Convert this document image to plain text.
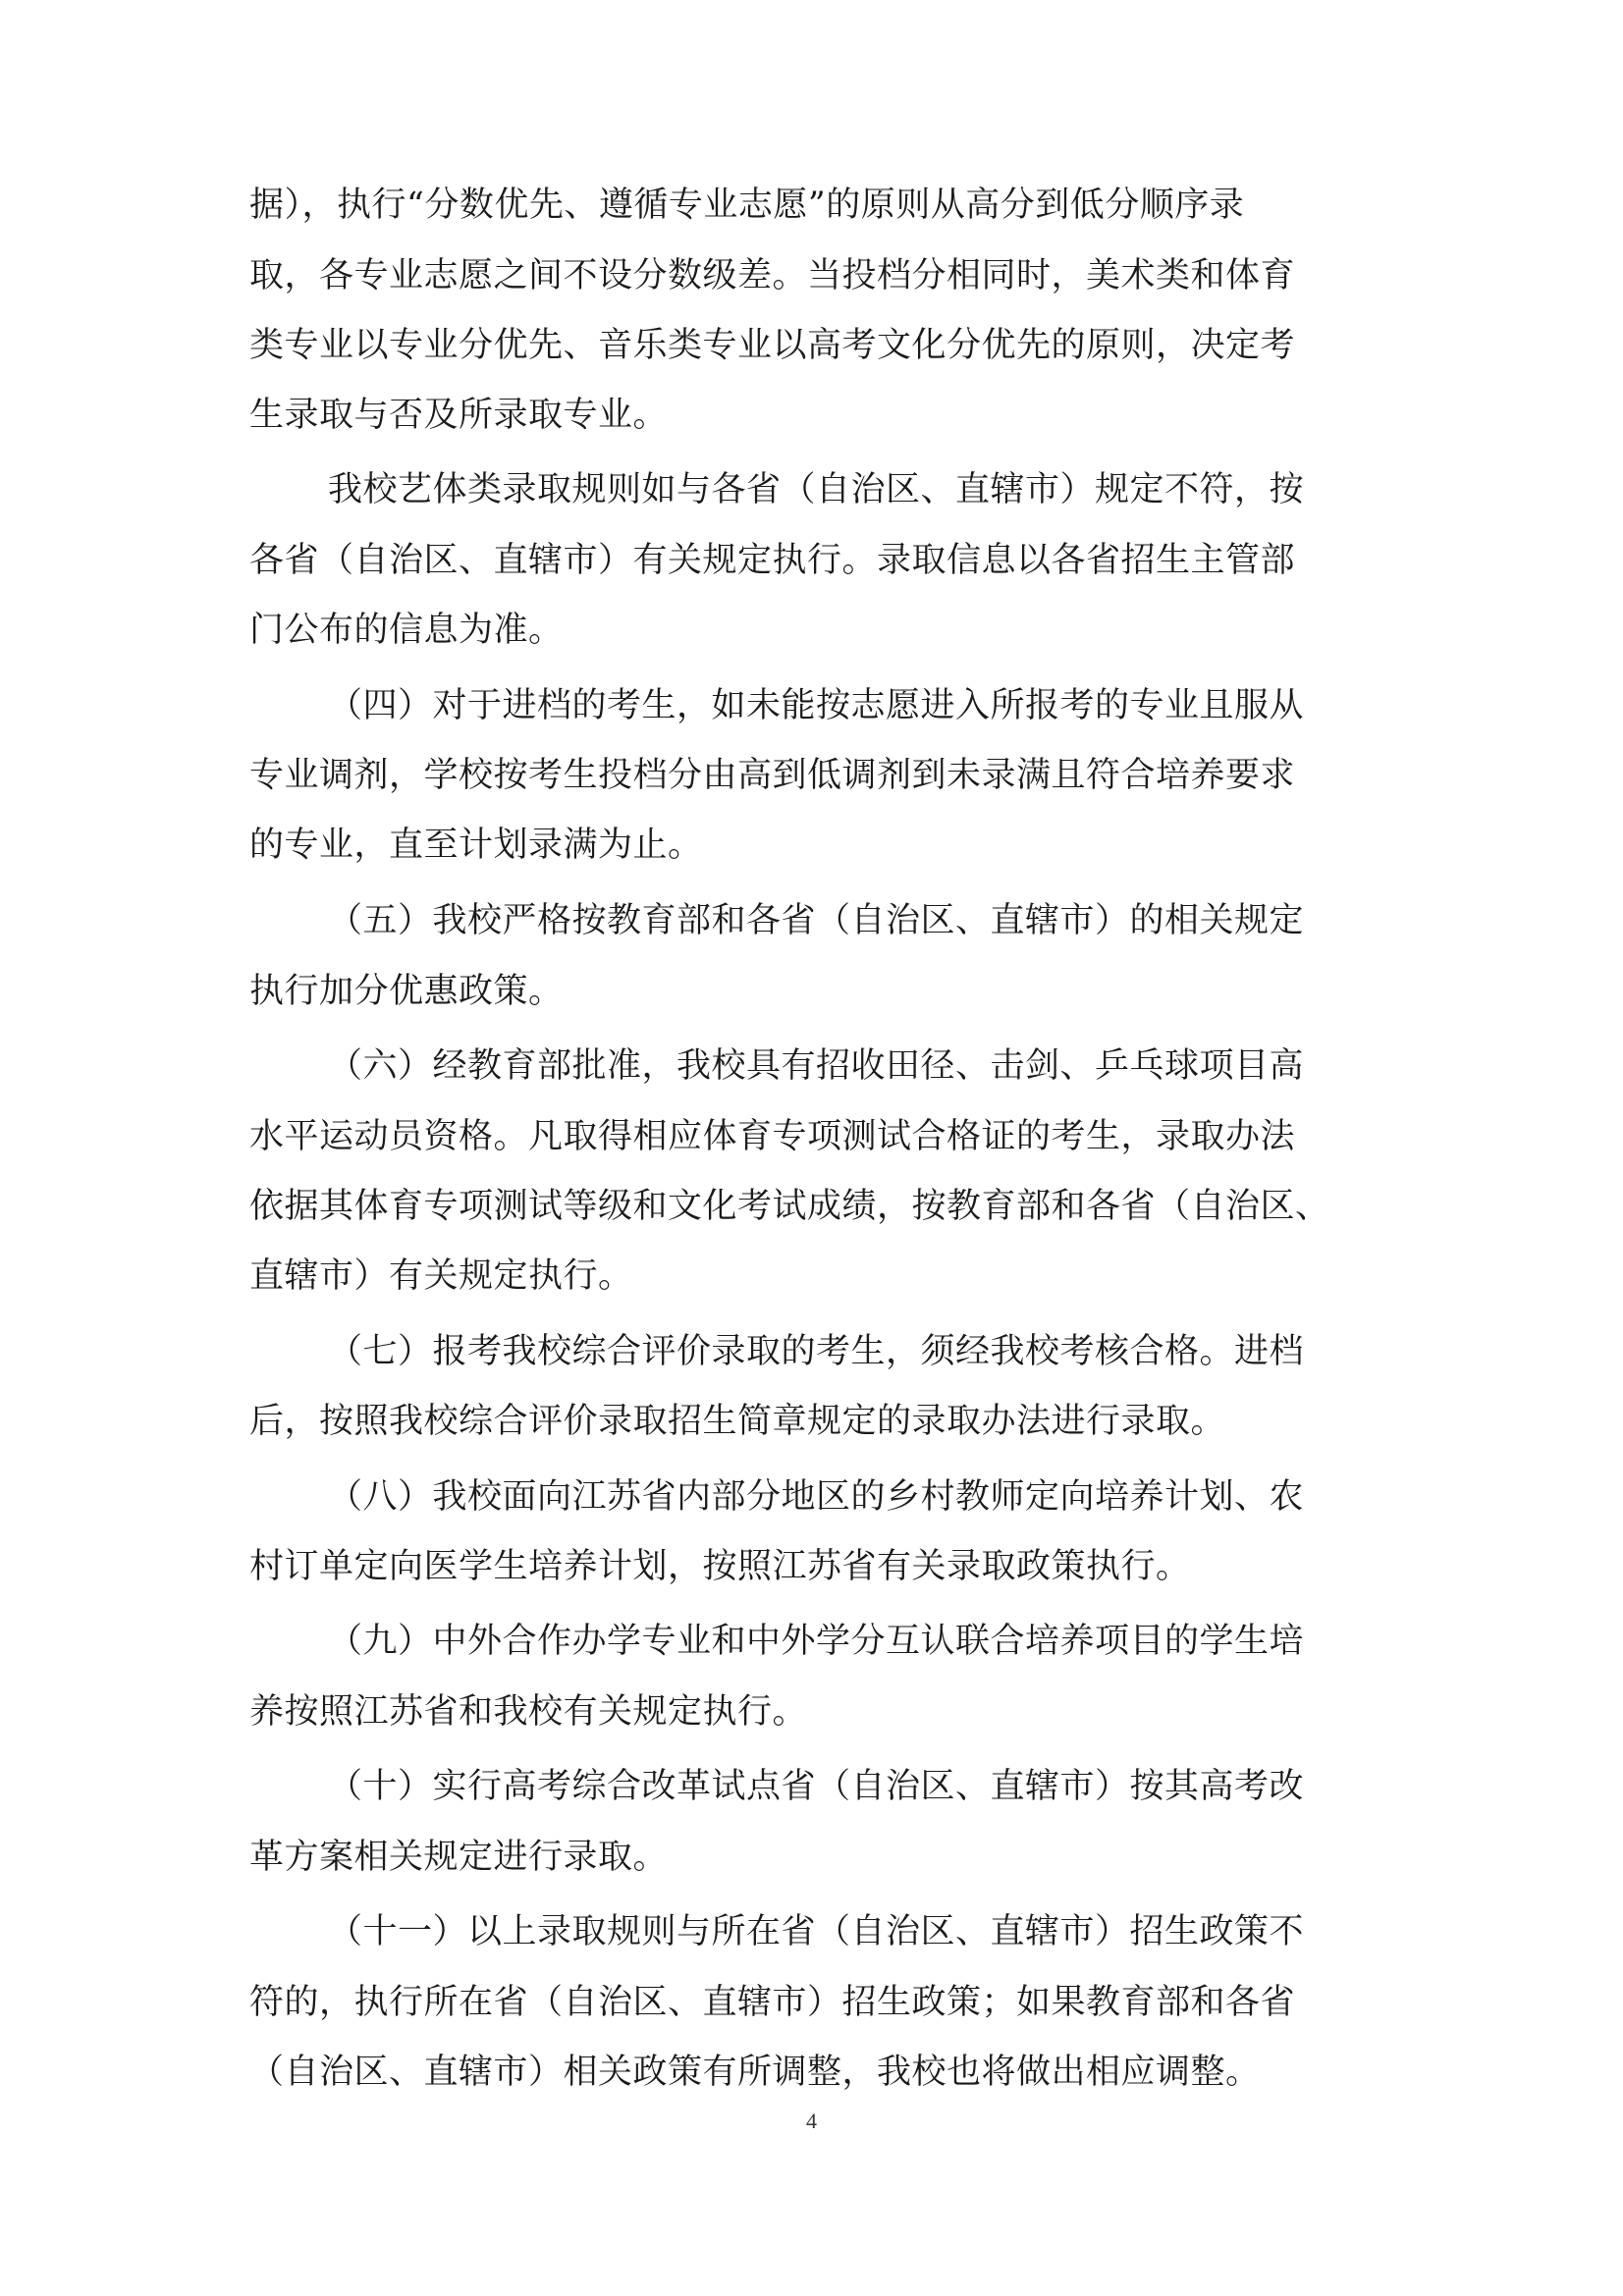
据），执行“分数优先、遵循专业志愿”的原则从高分到低分顺序录
取，各专业志愿之间不设分数级差。当投档分相同时，美术类和体育
类专业以专业分优先、音乐类专业以高考文化分优先的原则，决定考
生录取与否及所录取专业。
我校艺体类录取规则如与各省（自治区、直辖市）规定不符，按
各省（自治区、直辖市）有关规定执行。录取信息以各省招生主管部
门公布的信息为准。
（四）对于进档的考生，如未能按志愿进入所报考的专业且服从
专业调剂，学校按考生投档分由高到低调剂到未录满且符合培养要求
的专业，直至计划录满为止。
（五）我校严格按教育部和各省（自治区、直辖市）的相关规定
执行加分优惠政策。
（六）经教育部批准，我校具有招收田径、击剑、乒乓球项目高
水平运动员资格。凡取得相应体育专项测试合格证的考生，录取办法
依据其体育专项测试等级和文化考试成绩，按教育部和各省（自治区、
直辖市）有关规定执行。
（七）报考我校综合评价录取的考生，须经我校考核合格。进档
后，按照我校综合评价录取招生简章规定的录取办法进行录取。
（八）我校面向江苏省内部分地区的乡村教师定向培养计划、农
村订单定向医学生培养计划，按照江苏省有关录取政策执行。
（九）中外合作办学专业和中外学分互认联合培养项目的学生培
养按照江苏省和我校有关规定执行。
（十）实行高考综合改革试点省（自治区、直辖市）按其高考改
革方案相关规定进行录取。
（十一）以上录取规则与所在省（自治区、直辖市）招生政策不
符的，执行所在省（自治区、直辖市）招生政策；如果教育部和各省
（自治区、直辖市）相关政策有所调整，我校也将做出相应调整。
4
